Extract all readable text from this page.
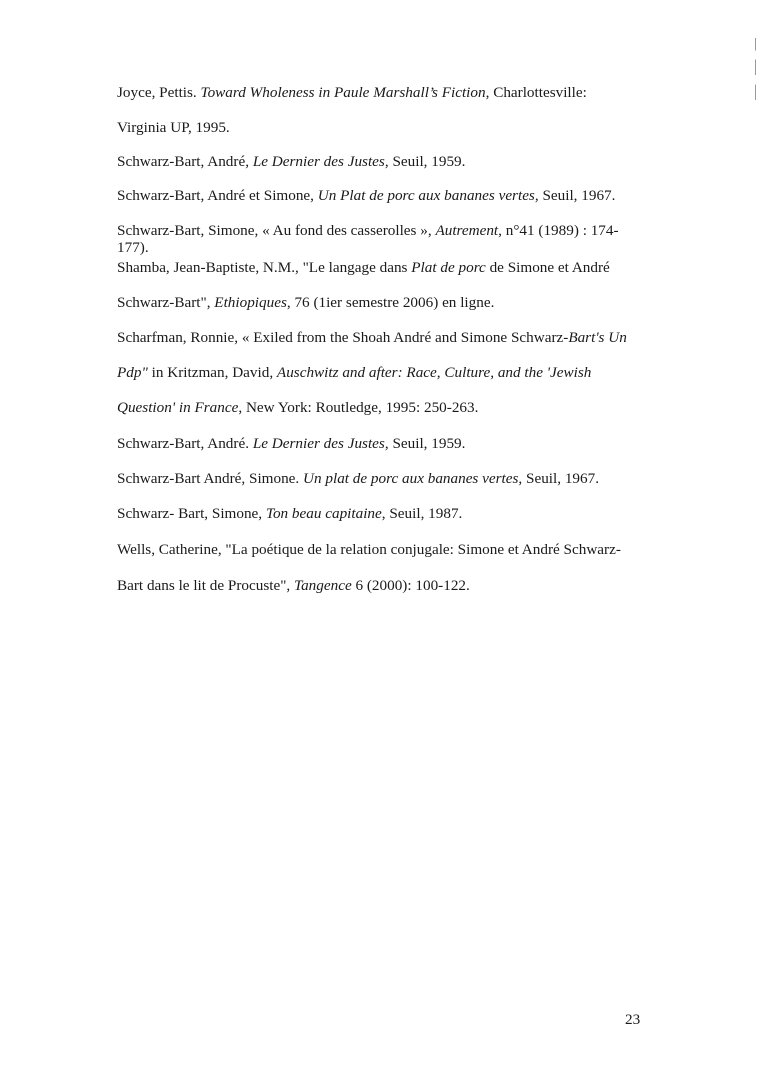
Joyce, Pettis. Toward Wholeness in Paule Marshall’s Fiction, Charlottesville:
Virginia UP, 1995.
Schwarz-Bart, André, Le Dernier des Justes, Seuil, 1959.
Schwarz-Bart, André et Simone, Un Plat de porc aux bananes vertes, Seuil, 1967.
Schwarz-Bart, Simone, « Au fond des casserolles », Autrement, n°41 (1989) : 174-
177).
Shamba, Jean-Baptiste, N.M., "Le langage dans Plat de porc de Simone et André
Schwarz-Bart", Ethiopiques, 76 (1ier semestre 2006) en ligne.
Scharfman, Ronnie, « Exiled from the Shoah André and Simone Schwarz-Bart's Un
Pdp" in Kritzman, David, Auschwitz and after: Race, Culture, and the 'Jewish
Question' in France, New York: Routledge, 1995: 250-263.
Schwarz-Bart, André. Le Dernier des Justes, Seuil, 1959.
Schwarz-Bart André, Simone. Un plat de porc aux bananes vertes, Seuil, 1967.
Schwarz- Bart, Simone, Ton beau capitaine, Seuil, 1987.
Wells, Catherine, "La poétique de la relation conjugale: Simone et André Schwarz-
Bart dans le lit de Procuste", Tangence 6 (2000): 100-122.
23
